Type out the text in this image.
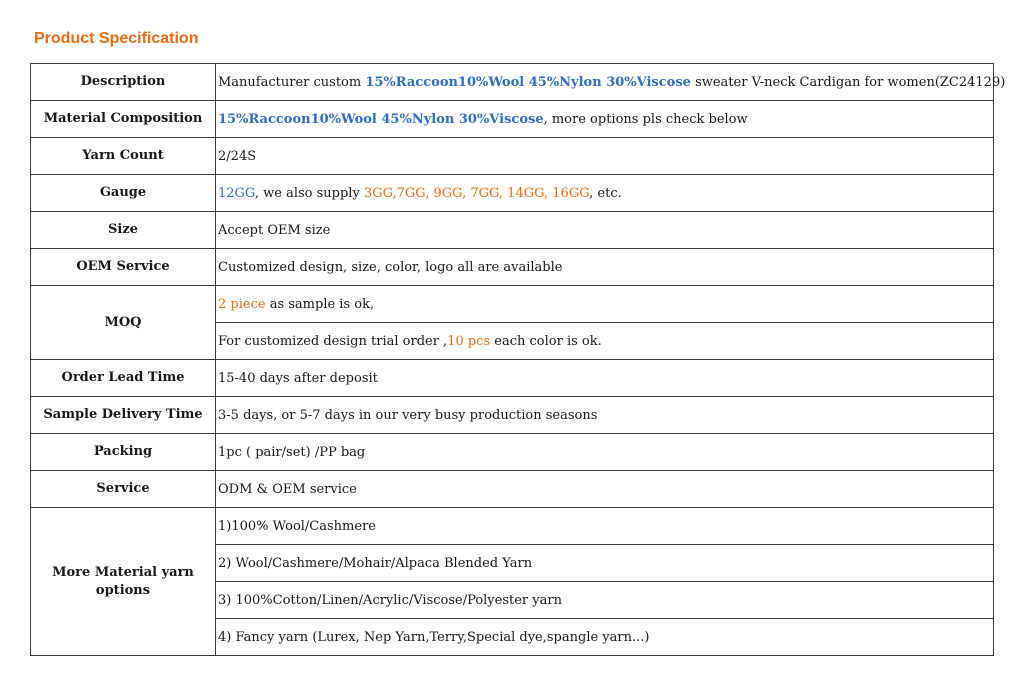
Product Specification
Description	Manufacturer custom 15%Raccoon10%Wool 45%Nylon 30%Viscose sweater V-neck Cardigan for women(ZC24129)
Material Composition	15%Raccoon10%Wool 45%Nylon 30%Viscose, more options pls check below
Yarn Count	2/24S
Gauge	12GG, we also supply 3GG,7GG, 9GG, 7GG, 14GG, 16GG, etc.
Size	Accept OEM size
OEM Service	Customized design, size, color, logo all are available
MOQ	2 piece as sample is ok,
	For customized design trial order ,10 pcs each color is ok.
Order Lead Time	15-40 days after deposit
Sample Delivery Time	3-5 days, or 5-7 days in our very busy production seasons
Packing	1pc ( pair/set) /PP bag
Service	ODM & OEM service
More Material yarn options	1)100% Wool/Cashmere
	2) Wool/Cashmere/Mohair/Alpaca Blended Yarn
	3) 100%Cotton/Linen/Acrylic/Viscose/Polyester yarn
	4) Fancy yarn (Lurex, Nep Yarn,Terry,Special dye,spangle yarn...)
